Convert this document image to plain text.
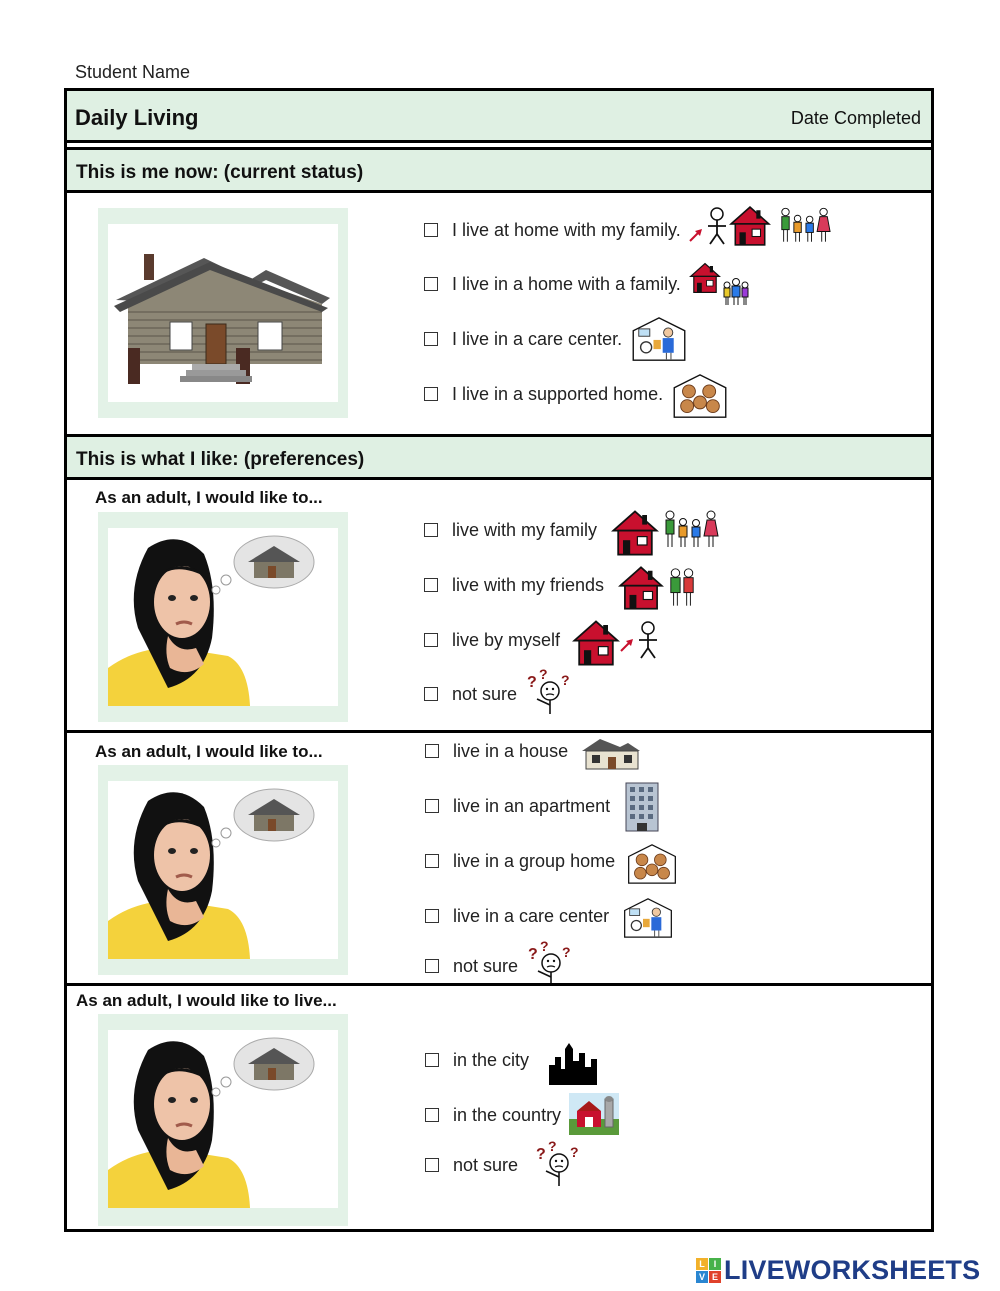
Student Name
Daily Living	Date Completed
This is me now: (current status)
I live at home with my family.
I live in a home with a family.
I live in a care center.
I live in a supported home.
This is what I like: (preferences)
As an adult, I would like to...
live with my family
live with my friends
live by myself
not sure
As an adult, I would like to...	live in a house
live in an apartment
live in a group home
live in a care center
not sure
As an adult, I would like to live...
in the city
in the country
not sure
L I
V E LIVEWORKSHEETS
